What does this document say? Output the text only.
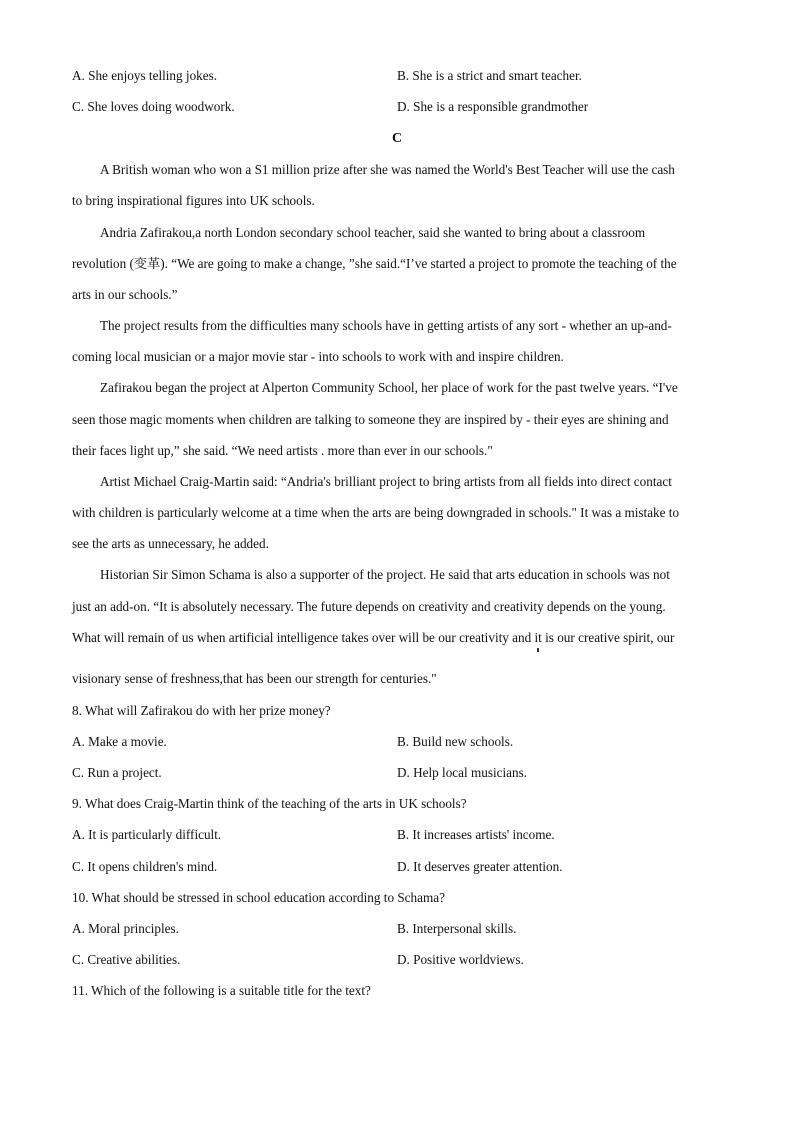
A. She enjoys telling jokes.	B. She is a strict and smart teacher.
C. She loves doing woodwork.	D. She is a responsible grandmother
C
A British woman who won a S1 million prize after she was named the World's Best Teacher will use the cash
to bring inspirational figures into UK schools.
Andria Zafirakou,a north London secondary school teacher, said she wanted to bring about a classroom
revolution (变革). “We are going to make a change, ”she said.“I’ve started a project to promote the teaching of the
arts in our schools.”
The project results from the difficulties many schools have in getting artists of any sort - whether an up-and-
coming local musician or a major movie star - into schools to work with and inspire children.
Zafirakou began the project at Alperton Community School, her place of work for the past twelve years. “I've
seen those magic moments when children are talking to someone they are inspired by - their eyes are shining and
their faces light up,” she said. “We need artists . more than ever in our schools."
Artist Michael Craig-Martin said: “Andria's brilliant project to bring artists from all fields into direct contact
with children is particularly welcome at a time when the arts are being downgraded in schools." It was a mistake to
see the arts as unnecessary, he added.
Historian Sir Simon Schama is also a supporter of the project. He said that arts education in schools was not
just an add-on. “It is absolutely necessary. The future depends on creativity and creativity depends on the young.
What will remain of us when artificial intelligence takes over will be our creativity and it is our creative spirit, our
visionary sense of freshness,that has been our strength for centuries."
8. What will Zafirakou do with her prize money?
A. Make a movie.	B. Build new schools.
C. Run a project.	D. Help local musicians.
9. What does Craig-Martin think of the teaching of the arts in UK schools?
A. It is particularly difficult.	B. It increases artists' income.
C. It opens children's mind.	D. It deserves greater attention.
10. What should be stressed in school education according to Schama?
A. Moral principles.	B. Interpersonal skills.
C. Creative abilities.	D. Positive worldviews.
11. Which of the following is a suitable title for the text?
